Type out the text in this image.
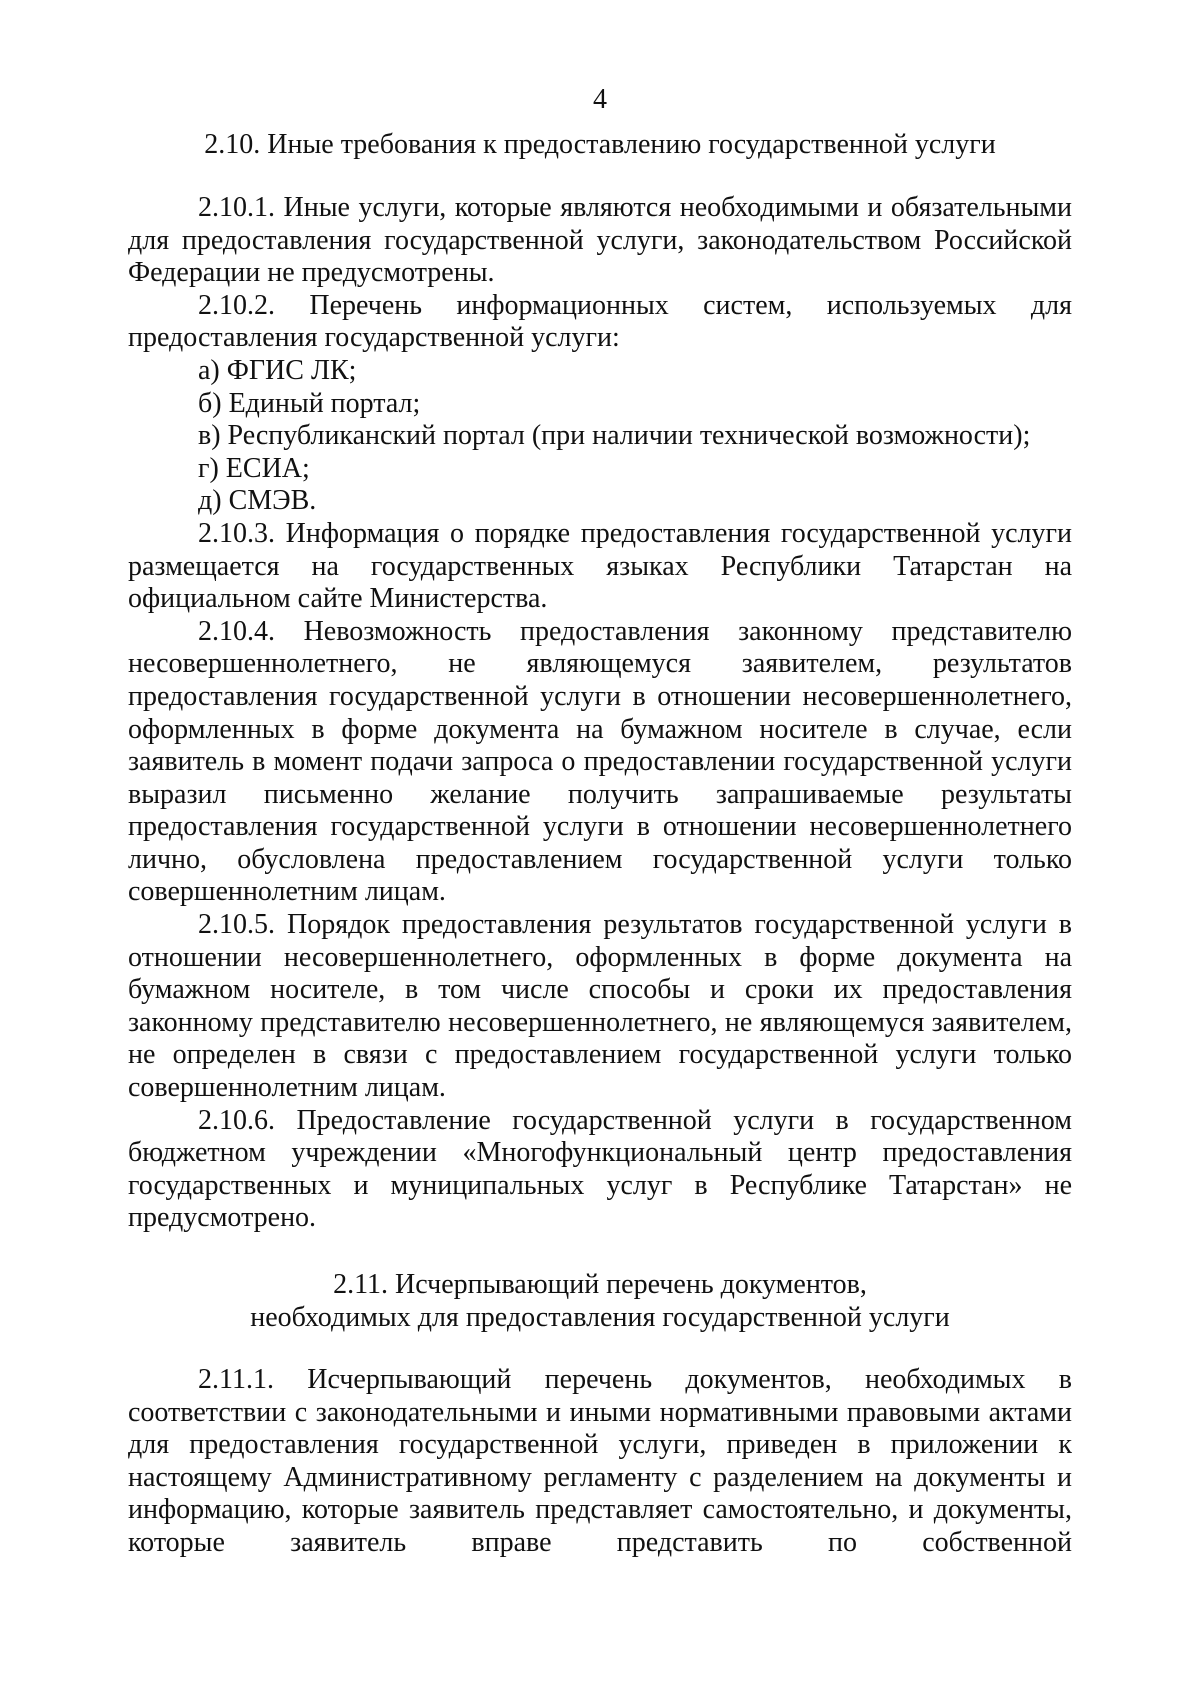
4
2.10. Иные требования к предоставлению государственной услуги

2.10.1. Иные услуги, которые являются необходимыми и обязательными для предоставления государственной услуги, законодательством Российской Федерации не предусмотрены.

2.10.2. Перечень информационных систем, используемых для предоставления государственной услуги:

а) ФГИС ЛК;

б) Единый портал;

в) Республиканский портал (при наличии технической возможности);

г) ЕСИА;

д) СМЭВ.

2.10.3. Информация о порядке предоставления государственной услуги размещается на государственных языках Республики Татарстан на официальном сайте Министерства.

2.10.4. Невозможность предоставления законному представителю несовершеннолетнего, не являющемуся заявителем, результатов предоставления государственной услуги в отношении несовершеннолетнего, оформленных в форме документа на бумажном носителе в случае, если заявитель в момент подачи запроса о предоставлении государственной услуги выразил письменно желание получить запрашиваемые результаты предоставления государственной услуги в отношении несовершеннолетнего лично, обусловлена предоставлением государственной услуги только совершеннолетним лицам.

2.10.5. Порядок предоставления результатов государственной услуги в отношении несовершеннолетнего, оформленных в форме документа на бумажном носителе, в том числе способы и сроки их предоставления законному представителю несовершеннолетнего, не являющемуся заявителем, не определен в связи с предоставлением государственной услуги только совершеннолетним лицам.

2.10.6. Предоставление государственной услуги в государственном бюджетном учреждении «Многофункциональный центр предоставления государственных и муниципальных услуг в Республике Татарстан» не предусмотрено.

2.11. Исчерпывающий перечень документов,
необходимых для предоставления государственной услуги

2.11.1. Исчерпывающий перечень документов, необходимых в соответствии с законодательными и иными нормативными правовыми актами для предоставления государственной услуги, приведен в приложении к настоящему Административному регламенту с разделением на документы и информацию, которые заявитель представляет самостоятельно, и документы, которые заявитель вправе представить по собственной
